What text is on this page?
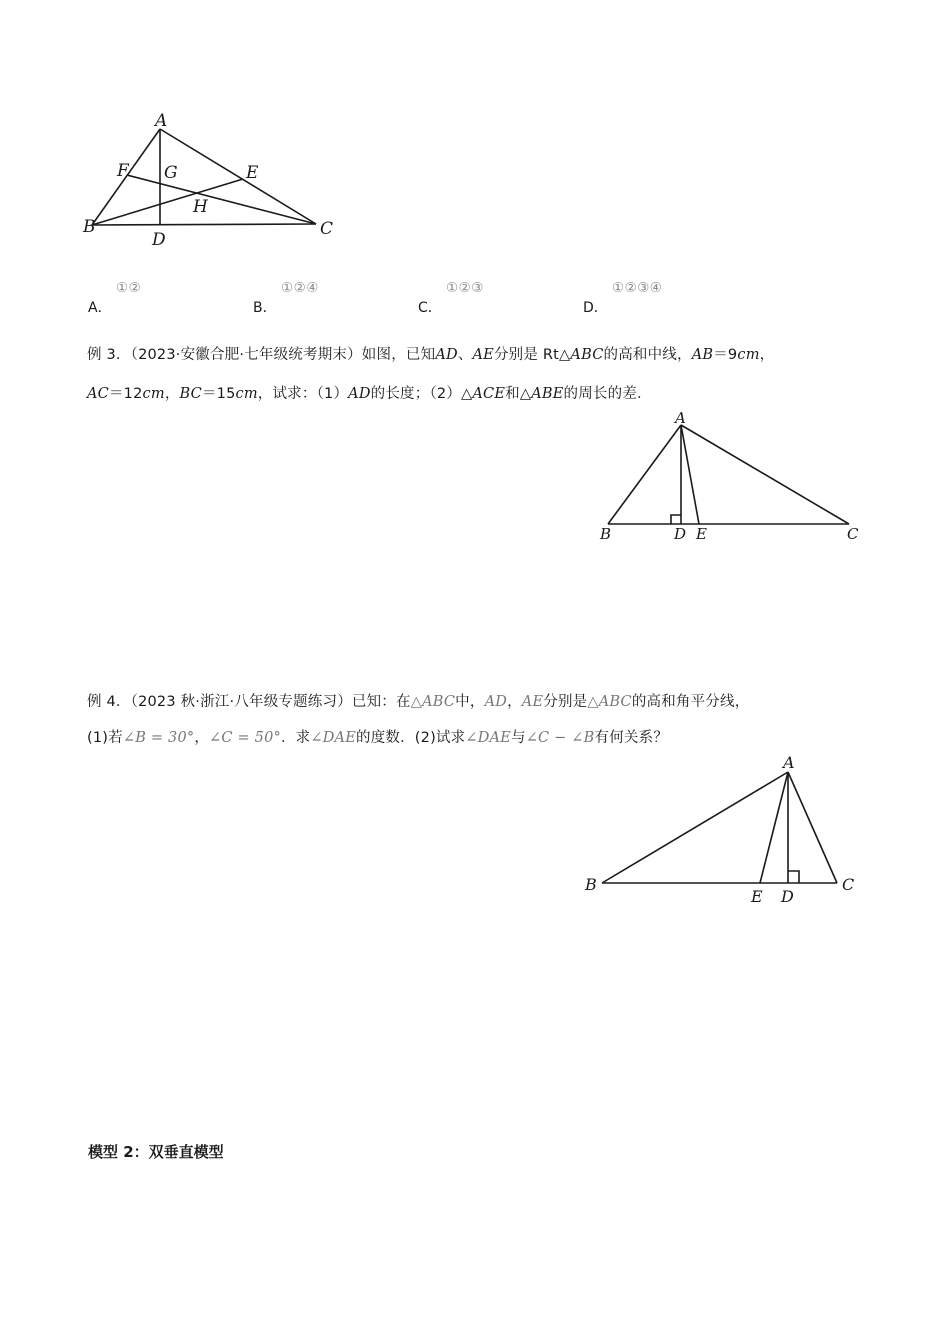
A
B	C
D
E
F G
H
A．
①②
B．
①②④
C．
①②③
D．
①②③④
例 3．（2023·安徽合肥·七年级统考期末）如图，已知AD、AE分别是 Rt△ABC的高和中线，AB＝9cm，
AC＝12cm，BC＝15cm，试求：（1）AD的长度；（2）△ACE和△ABE的周长的差．
A
B	C
D E
例 4．（2023 秋·浙江·八年级专题练习）已知：在△ABC中，AD，AE分别是△ABC的高和角平分线，
(1)若∠B = 30°，∠C = 50°．求∠DAE的度数．(2)试求∠DAE与∠C − ∠B有何关系？
A
B	C
E D
模型 2：双垂直模型
